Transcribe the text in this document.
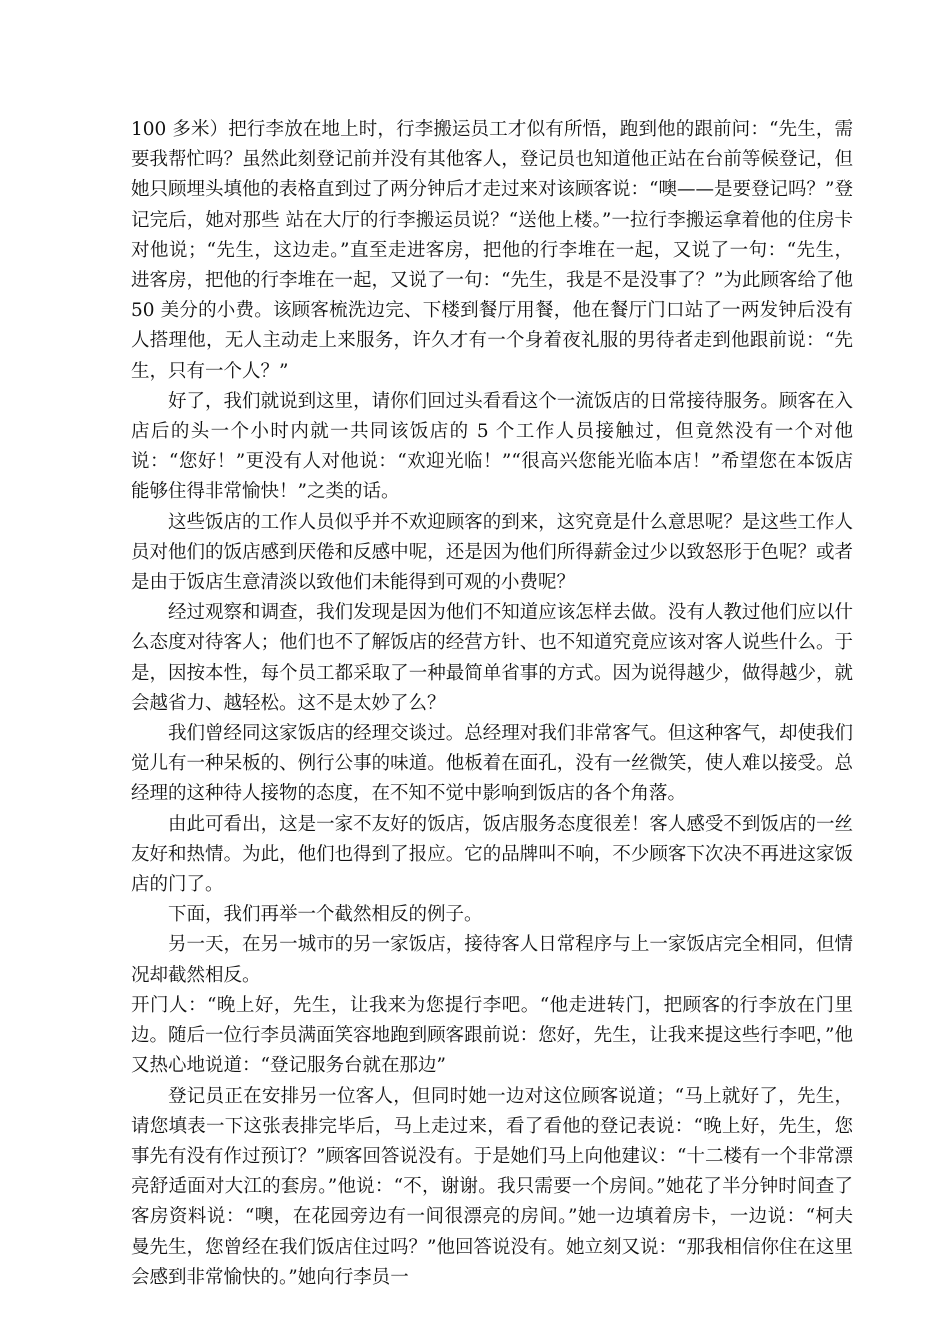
100 多米）把行李放在地上时，行李搬运员工才似有所悟，跑到他的跟前问：“先生，需要我帮忙吗？虽然此刻登记前并没有其他客人，登记员也知道他正站在台前等候登记，但她只顾埋头填他的表格直到过了两分钟后才走过来对该顾客说：“噢——是要登记吗？”登记完后，她对那些 站在大厅的行李搬运员说？“送他上楼。”一拉行李搬运拿着他的住房卡对他说；“先生，这边走。”直至走进客房，把他的行李堆在一起，又说了一句：“先生，进客房，把他的行李堆在一起，又说了一句：“先生，我是不是没事了？”为此顾客给了他 50 美分的小费。该顾客梳洗边完、下楼到餐厅用餐，他在餐厅门口站了一两发钟后没有人搭理他，无人主动走上来服务，许久才有一个身着夜礼服的男待者走到他跟前说：“先生，只有一个人？”

好了，我们就说到这里，请你们回过头看看这个一流饭店的日常接待服务。顾客在入店后的头一个小时内就一共同该饭店的 5 个工作人员接触过，但竟然没有一个对他说：“您好！”更没有人对他说：“欢迎光临！”“很高兴您能光临本店！”希望您在本饭店能够住得非常愉快！”之类的话。

这些饭店的工作人员似乎并不欢迎顾客的到来，这究竟是什么意思呢？是这些工作人员对他们的饭店感到厌倦和反感中呢，还是因为他们所得薪金过少以致怒形于色呢？或者是由于饭店生意清淡以致他们未能得到可观的小费呢？

经过观察和调查，我们发现是因为他们不知道应该怎样去做。没有人教过他们应以什么态度对待客人；他们也不了解饭店的经营方针、也不知道究竟应该对客人说些什么。于是，因按本性，每个员工都采取了一种最简单省事的方式。因为说得越少，做得越少，就会越省力、越轻松。这不是太妙了么？

我们曾经同这家饭店的经理交谈过。总经理对我们非常客气。但这种客气，却使我们觉儿有一种呆板的、例行公事的味道。他板着在面孔，没有一丝微笑，使人难以接受。总经理的这种待人接物的态度，在不知不觉中影响到饭店的各个角落。

由此可看出，这是一家不友好的饭店，饭店服务态度很差！客人感受不到饭店的一丝友好和热情。为此，他们也得到了报应。它的品牌叫不响，不少顾客下次决不再进这家饭店的门了。

下面，我们再举一个截然相反的例子。

另一天，在另一城市的另一家饭店，接待客人日常程序与上一家饭店完全相同，但情况却截然相反。

开门人：“晚上好，先生，让我来为您提行李吧。“他走进转门，把顾客的行李放在门里边。随后一位行李员满面笑容地跑到顾客跟前说：您好，先生，让我来提这些行李吧，”他又热心地说道：“登记服务台就在那边”

登记员正在安排另一位客人，但同时她一边对这位顾客说道；“马上就好了，先生，请您填表一下这张表排完毕后，马上走过来，看了看他的登记表说：“晚上好，先生，您事先有没有作过预订？”顾客回答说没有。于是她们马上向他建议：“十二楼有一个非常漂亮舒适面对大江的套房。”他说：“不，谢谢。我只需要一个房间。”她花了半分钟时间查了客房资料说：“噢，在花园旁边有一间很漂亮的房间。”她一边填着房卡，一边说：“柯夫曼先生，您曾经在我们饭店住过吗？”他回答说没有。她立刻又说：“那我相信你住在这里会感到非常愉快的。”她向行李员一
